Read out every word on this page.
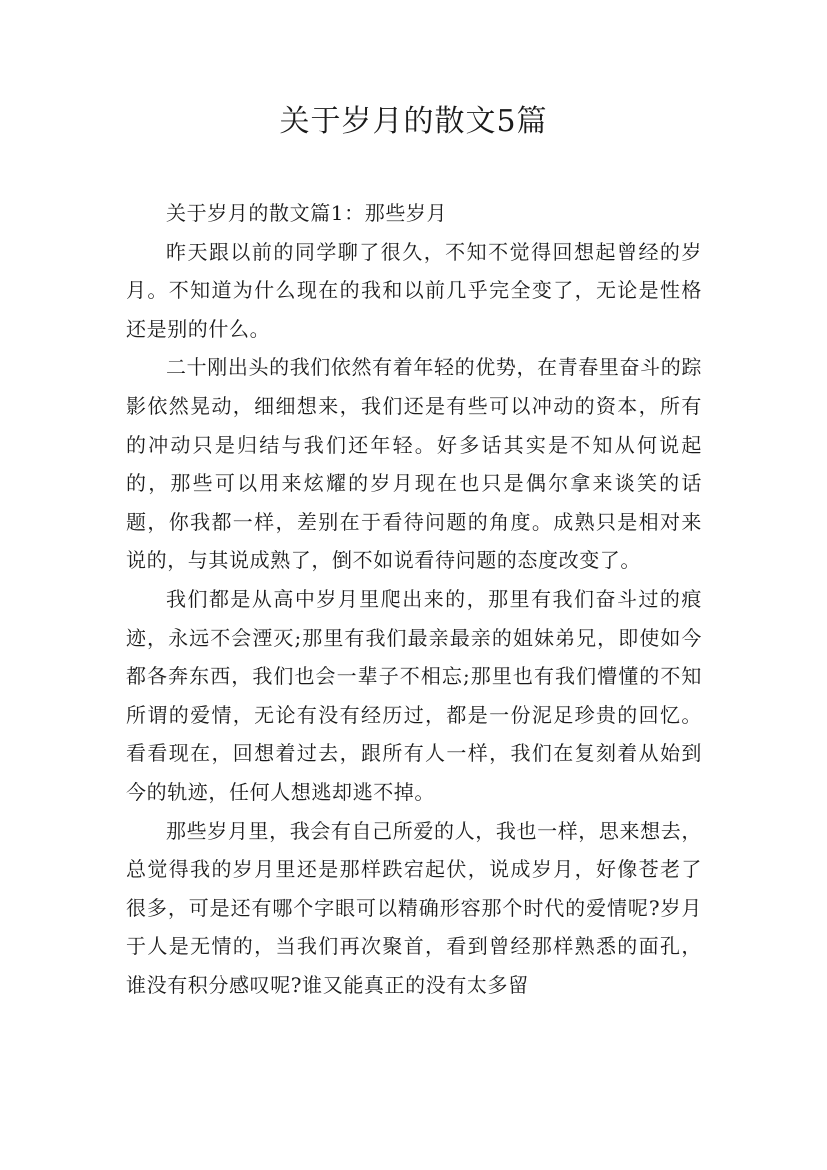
关于岁月的散文5篇

关于岁月的散文篇1：那些岁月

昨天跟以前的同学聊了很久，不知不觉得回想起曾经的岁月。不知道为什么现在的我和以前几乎完全变了，无论是性格还是别的什么。

二十刚出头的我们依然有着年轻的优势，在青春里奋斗的踪影依然晃动，细细想来，我们还是有些可以冲动的资本，所有的冲动只是归结与我们还年轻。好多话其实是不知从何说起的，那些可以用来炫耀的岁月现在也只是偶尔拿来谈笑的话题，你我都一样，差别在于看待问题的角度。成熟只是相对来说的，与其说成熟了，倒不如说看待问题的态度改变了。

我们都是从高中岁月里爬出来的，那里有我们奋斗过的痕迹，永远不会湮灭;那里有我们最亲最亲的姐妹弟兄，即使如今都各奔东西，我们也会一辈子不相忘;那里也有我们懵懂的不知所谓的爱情，无论有没有经历过，都是一份泥足珍贵的回忆。看看现在，回想着过去，跟所有人一样，我们在复刻着从始到今的轨迹，任何人想逃却逃不掉。

那些岁月里，我会有自己所爱的人，我也一样，思来想去，总觉得我的岁月里还是那样跌宕起伏，说成岁月，好像苍老了很多，可是还有哪个字眼可以精确形容那个时代的爱情呢?岁月于人是无情的，当我们再次聚首，看到曾经那样熟悉的面孔，谁没有积分感叹呢?谁又能真正的没有太多留
